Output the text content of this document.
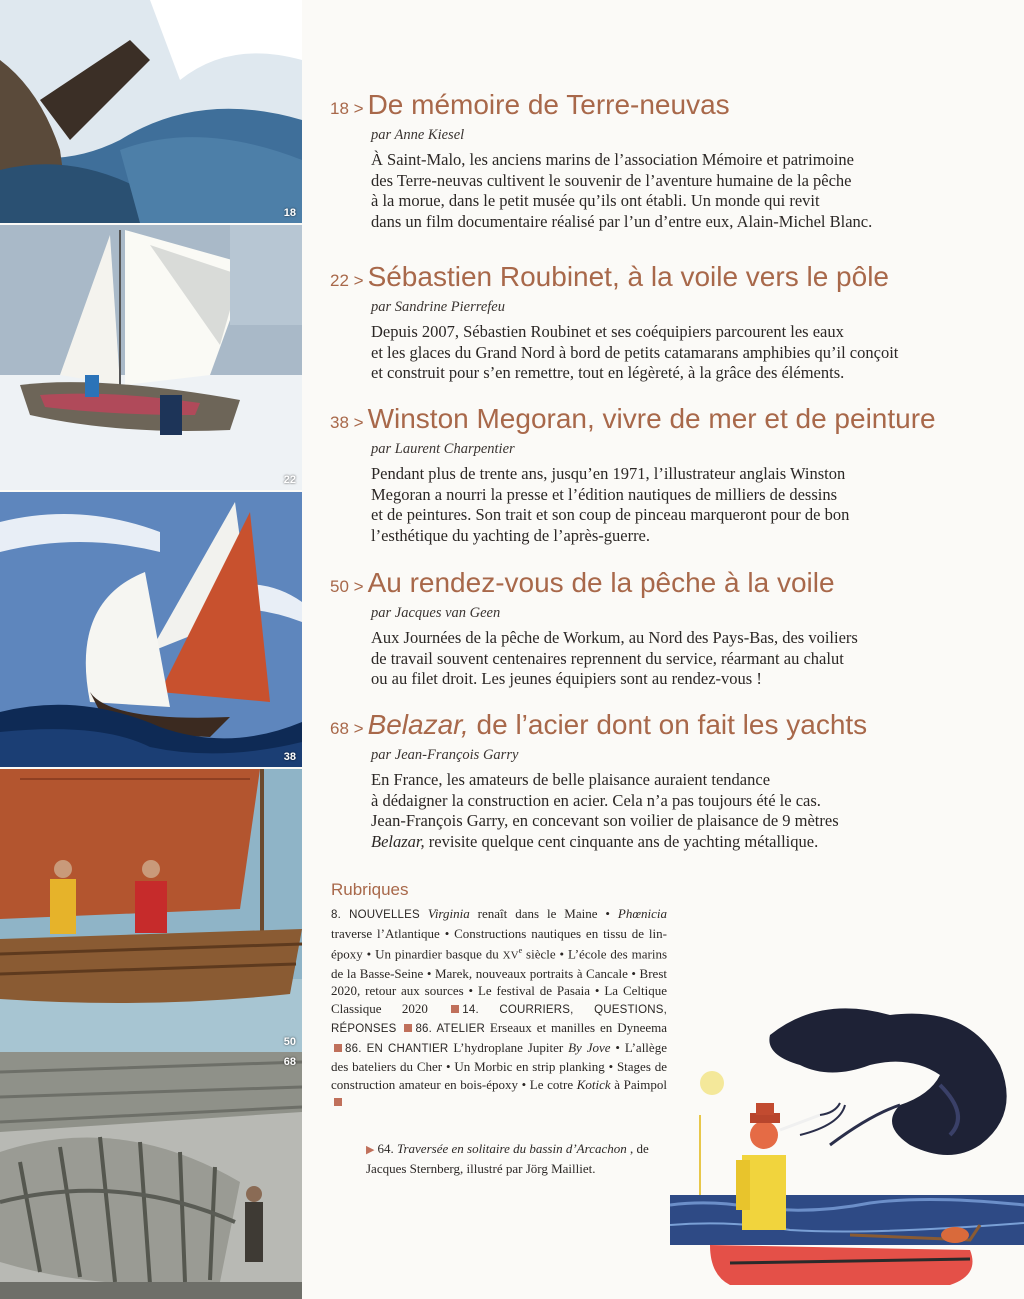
18
22
38
50
68
18 > De mémoire de Terre-neuvas
par Anne Kiesel
À Saint-Malo, les anciens marins de l’association Mémoire et patrimoine
des Terre-neuvas cultivent le souvenir de l’aventure humaine de la pêche
à la morue, dans le petit musée qu’ils ont établi. Un monde qui revit
dans un film documentaire réalisé par l’un d’entre eux, Alain-Michel Blanc.
22 > Sébastien Roubinet, à la voile vers le pôle
par Sandrine Pierrefeu
Depuis 2007, Sébastien Roubinet et ses coéquipiers parcourent les eaux
et les glaces du Grand Nord à bord de petits catamarans amphibies qu’il conçoit
et construit pour s’en remettre, tout en légèreté, à la grâce des éléments.
38 > Winston Megoran, vivre de mer et de peinture
par Laurent Charpentier
Pendant plus de trente ans, jusqu’en 1971, l’illustrateur anglais Winston
Megoran a nourri la presse et l’édition nautiques de milliers de dessins
et de peintures. Son trait et son coup de pinceau marqueront pour de bon
l’esthétique du yachting de l’après-guerre.
50 > Au rendez-vous de la pêche à la voile
par Jacques van Geen
Aux Journées de la pêche de Workum, au Nord des Pays-Bas, des voiliers
de travail souvent centenaires reprennent du service, réarmant au chalut
ou au filet droit. Les jeunes équipiers sont au rendez-vous !
68 > Belazar, de l’acier dont on fait les yachts
par Jean-François Garry
En France, les amateurs de belle plaisance auraient tendance
à dédaigner la construction en acier. Cela n’a pas toujours été le cas.
Jean-François Garry, en concevant son voilier de plaisance de 9 mètres
Belazar, revisite quelque cent cinquante ans de yachting métallique.
Rubriques
8. NOUVELLES Virginia renaît dans le Maine • Phœnicia traverse l’Atlantique • Constructions nautiques en tissu de lin-époxy • Un pinardier basque du XVe siècle • L’école des marins de la Basse-Seine • Marek, nouveaux portraits à Cancale • Brest 2020, retour aux sources • Le festival de Pasaia • La Celtique Classique 2020	14. COURRIERS, QUESTIONS, RÉPONSES 86. ATELIER Erseaux et manilles en Dyneema 86. EN CHANTIER L’hydroplane Jupiter By Jove • L’allège des bateliers du Cher • Un Morbic en strip planking • Stages de construction amateur en bois-époxy • Le cotre Kotick à Paimpol
▶ 64. Traversée en solitaire du bassin d’Arcachon , de Jacques Sternberg, illustré par Jörg Mailliet.
